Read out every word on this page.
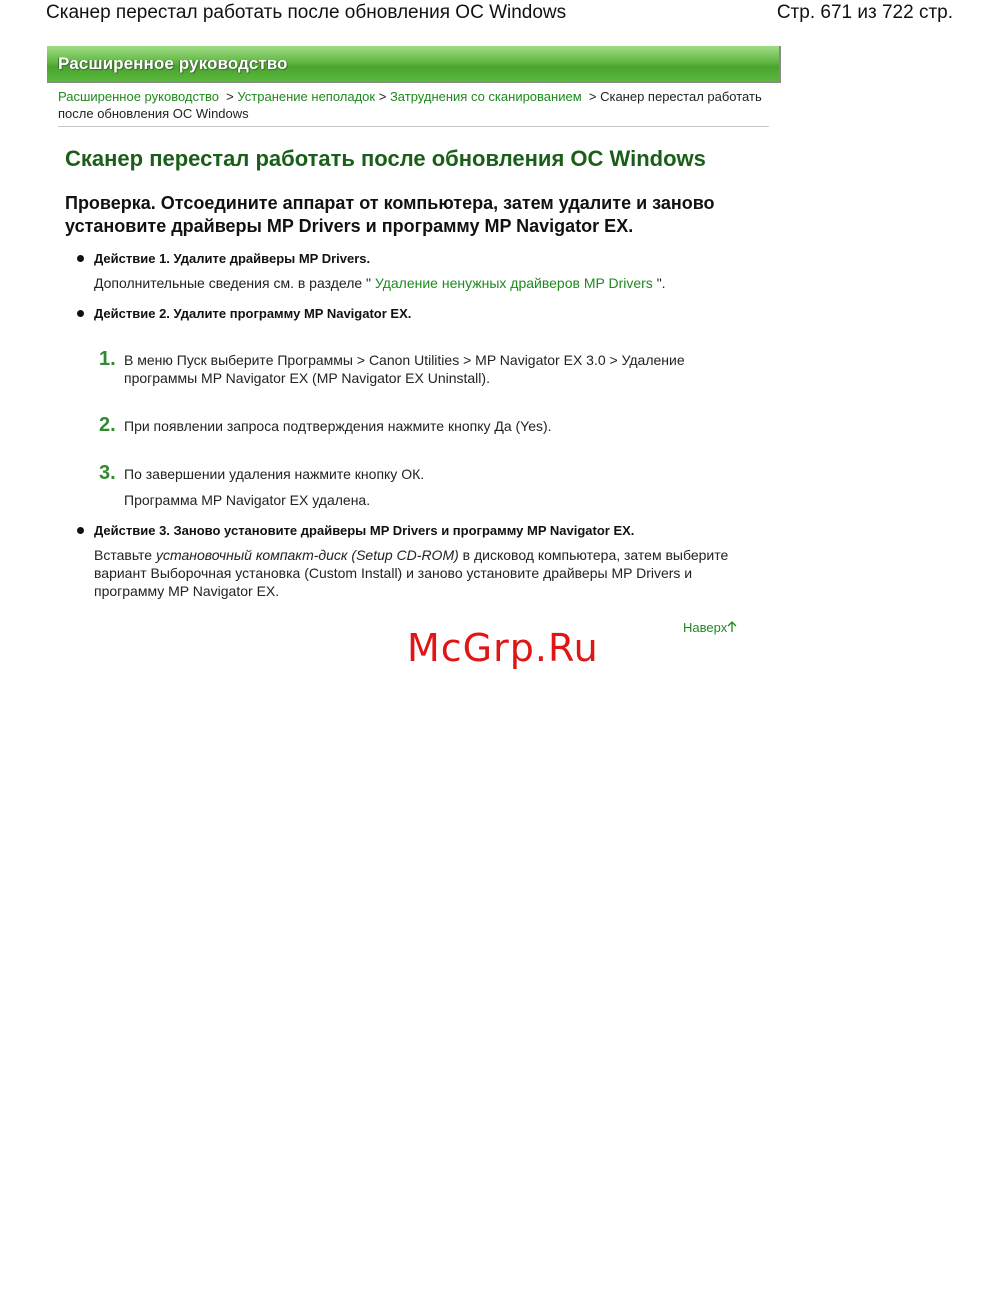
Сканер перестал работать после обновления ОС Windows	Стр. 671 из 722 стр.
Расширенное руководство
Расширенное руководство > Устранение неполадок > Затруднения со сканированием > Сканер перестал работать после обновления ОС Windows
Сканер перестал работать после обновления ОС Windows

Проверка. Отсоедините аппарат от компьютера, затем удалите и заново установите драйверы MP Drivers и программу MP Navigator EX.

Действие 1. Удалите драйверы MP Drivers.
Дополнительные сведения см. в разделе " Удаление ненужных драйверов MP Drivers ".
Действие 2. Удалите программу MP Navigator EX.
1. В меню Пуск выберите Программы > Canon Utilities > MP Navigator EX 3.0 > Удаление программы MP Navigator EX (MP Navigator EX Uninstall).
2. При появлении запроса подтверждения нажмите кнопку Да (Yes).
3. По завершении удаления нажмите кнопку ОК.
Программа MP Navigator EX удалена.
Действие 3. Заново установите драйверы MP Drivers и программу MP Navigator EX.
Вставьте установочный компакт-диск (Setup CD-ROM) в дисковод компьютера, затем выберите вариант Выборочная установка (Custom Install) и заново установите драйверы MP Drivers и программу MP Navigator EX.
Наверх
McGrp.Ru
